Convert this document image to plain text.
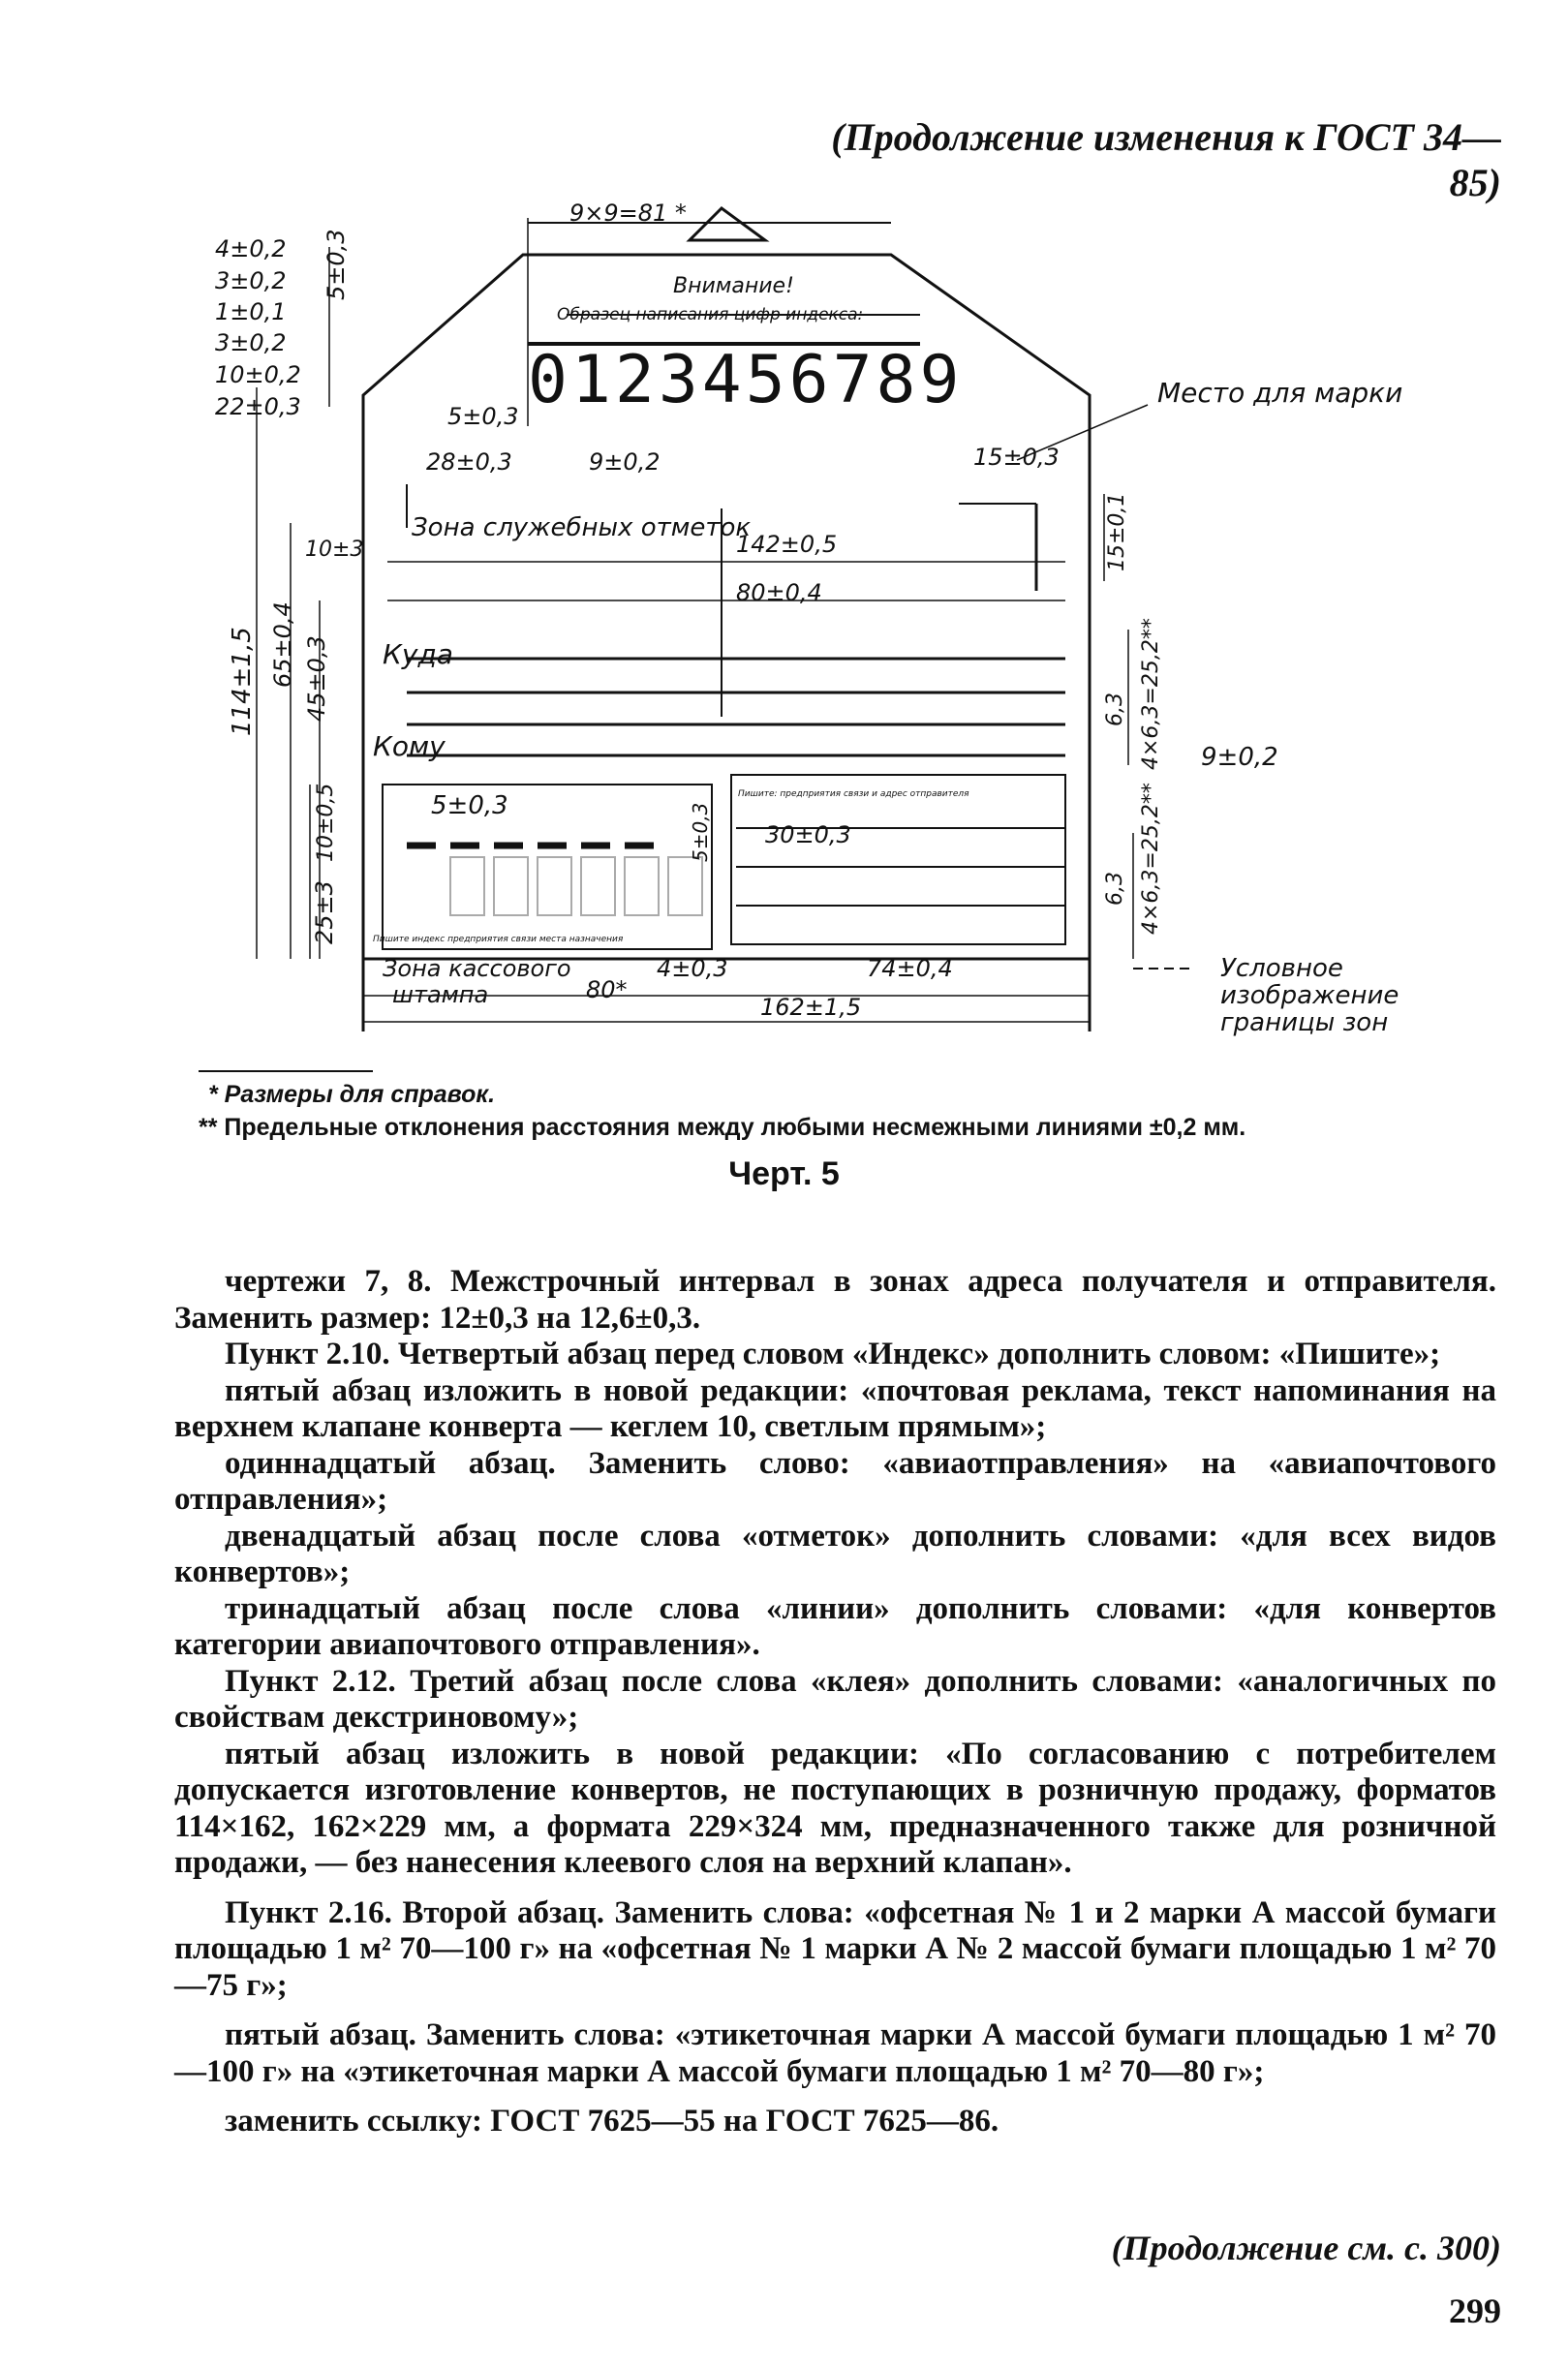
(Продолжение изменения к ГОСТ 34—85)
9×9=81 *
Внимание!
Образец написания цифр индекса:
0123456789	Место для марки
4±0,2
3±0,2
1±0,1
3±0,2
10±0,2
22±0,3
5±0,3
5±0,3
28±0,3	9±0,2	15±0,3
Зона служебных отметок
142±0,5
80±0,4
10±3	15±0,1
Куда
Кому
114±1,5 65±0,4 45±0,3	6,3 4×6,3=25,2** 9±0,2
Пишите: предприятия связи и адрес отправителя
10±0,5	5±0,3	5±0,3 30±0,3
6,3 4×6,3=25,2**
25±3	Пишите индекс предприятия связи места назначения
Зона кассового
штампа	80*
4±0,3	74±0,4
162±1,5
Условное
изображение
границы зон
* Размеры для справок.
** Предельные отклонения расстояния между любыми несмежными линиями ±0,2 мм.
Черт. 5

чертежи 7, 8. Межстрочный интервал в зонах адреса получателя и отправителя. Заменить размер: 12±0,3 на 12,6±0,3.

Пункт 2.10. Четвертый абзац перед словом «Индекс» дополнить словом: «Пишите»;

пятый абзац изложить в новой редакции: «почтовая реклама, текст напоминания на верхнем клапане конверта — кеглем 10, светлым прямым»;

одиннадцатый абзац. Заменить слово: «авиаотправления» на «авиапочтового отправления»;

двенадцатый абзац после слова «отметок» дополнить словами: «для всех видов конвертов»;

тринадцатый абзац после слова «линии» дополнить словами: «для конвертов категории авиапочтового отправления».

Пункт 2.12. Третий абзац после слова «клея» дополнить словами: «аналогичных по свойствам декстриновому»;

пятый абзац изложить в новой редакции: «По согласованию с потребителем допускается изготовление конвертов, не поступающих в розничную продажу, форматов 114×162, 162×229 мм, а формата 229×324 мм, предназначенного также для розничной продажи, — без нанесения клеевого слоя на верхний клапан».

Пункт 2.16. Второй абзац. Заменить слова: «офсетная № 1 и 2 марки А массой бумаги площадью 1 м² 70—100 г» на «офсетная № 1 марки А № 2 массой бумаги площадью 1 м² 70—75 г»;

пятый абзац. Заменить слова: «этикеточная марки А массой бумаги площадью 1 м² 70—100 г» на «этикеточная марки А массой бумаги площадью 1 м² 70—80 г»;

заменить ссылку: ГОСТ 7625—55 на ГОСТ 7625—86.

(Продолжение см. с. 300)
299
